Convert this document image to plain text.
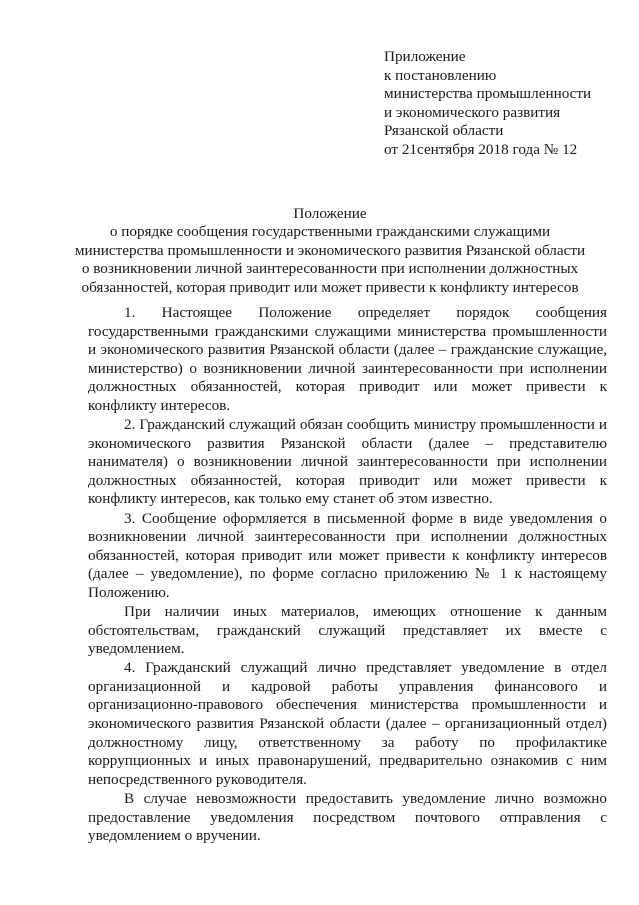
Приложение
к постановлению
министерства промышленности
и экономического развития
Рязанской области
от 21сентября 2018 года № 12
Положение
о порядке сообщения государственными гражданскими служащими
министерства промышленности и экономического развития Рязанской области
о возникновении личной заинтересованности при исполнении должностных
обязанностей, которая приводит или может привести к конфликту интересов

1. Настоящее Положение определяет порядок сообщения государственными гражданскими служащими министерства промышленности и экономического развития Рязанской области (далее – гражданские служащие, министерство) о возникновении личной заинтересованности при исполнении должностных обязанностей, которая приводит или может привести к конфликту интересов.

2. Гражданский служащий обязан сообщить министру промышленности и экономического развития Рязанской области (далее – представителю нанимателя) о возникновении личной заинтересованности при исполнении должностных обязанностей, которая приводит или может привести к конфликту интересов, как только ему станет об этом известно.

3. Сообщение оформляется в письменной форме в виде уведомления о возникновении личной заинтересованности при исполнении должностных обязанностей, которая приводит или может привести к конфликту интересов (далее – уведомление), по форме согласно приложению № 1 к настоящему Положению.

При наличии иных материалов, имеющих отношение к данным обстоятельствам, гражданский служащий представляет их вместе с уведомлением.

4. Гражданский служащий лично представляет уведомление в отдел организационной и кадровой работы управления финансового и организационно-правового обеспечения министерства промышленности и экономического развития Рязанской области (далее – организационный отдел) должностному лицу, ответственному за работу по профилактике коррупционных и иных правонарушений, предварительно ознакомив с ним непосредственного руководителя.

В случае невозможности предоставить уведомление лично возможно предоставление уведомления посредством почтового отправления с уведомлением о вручении.
